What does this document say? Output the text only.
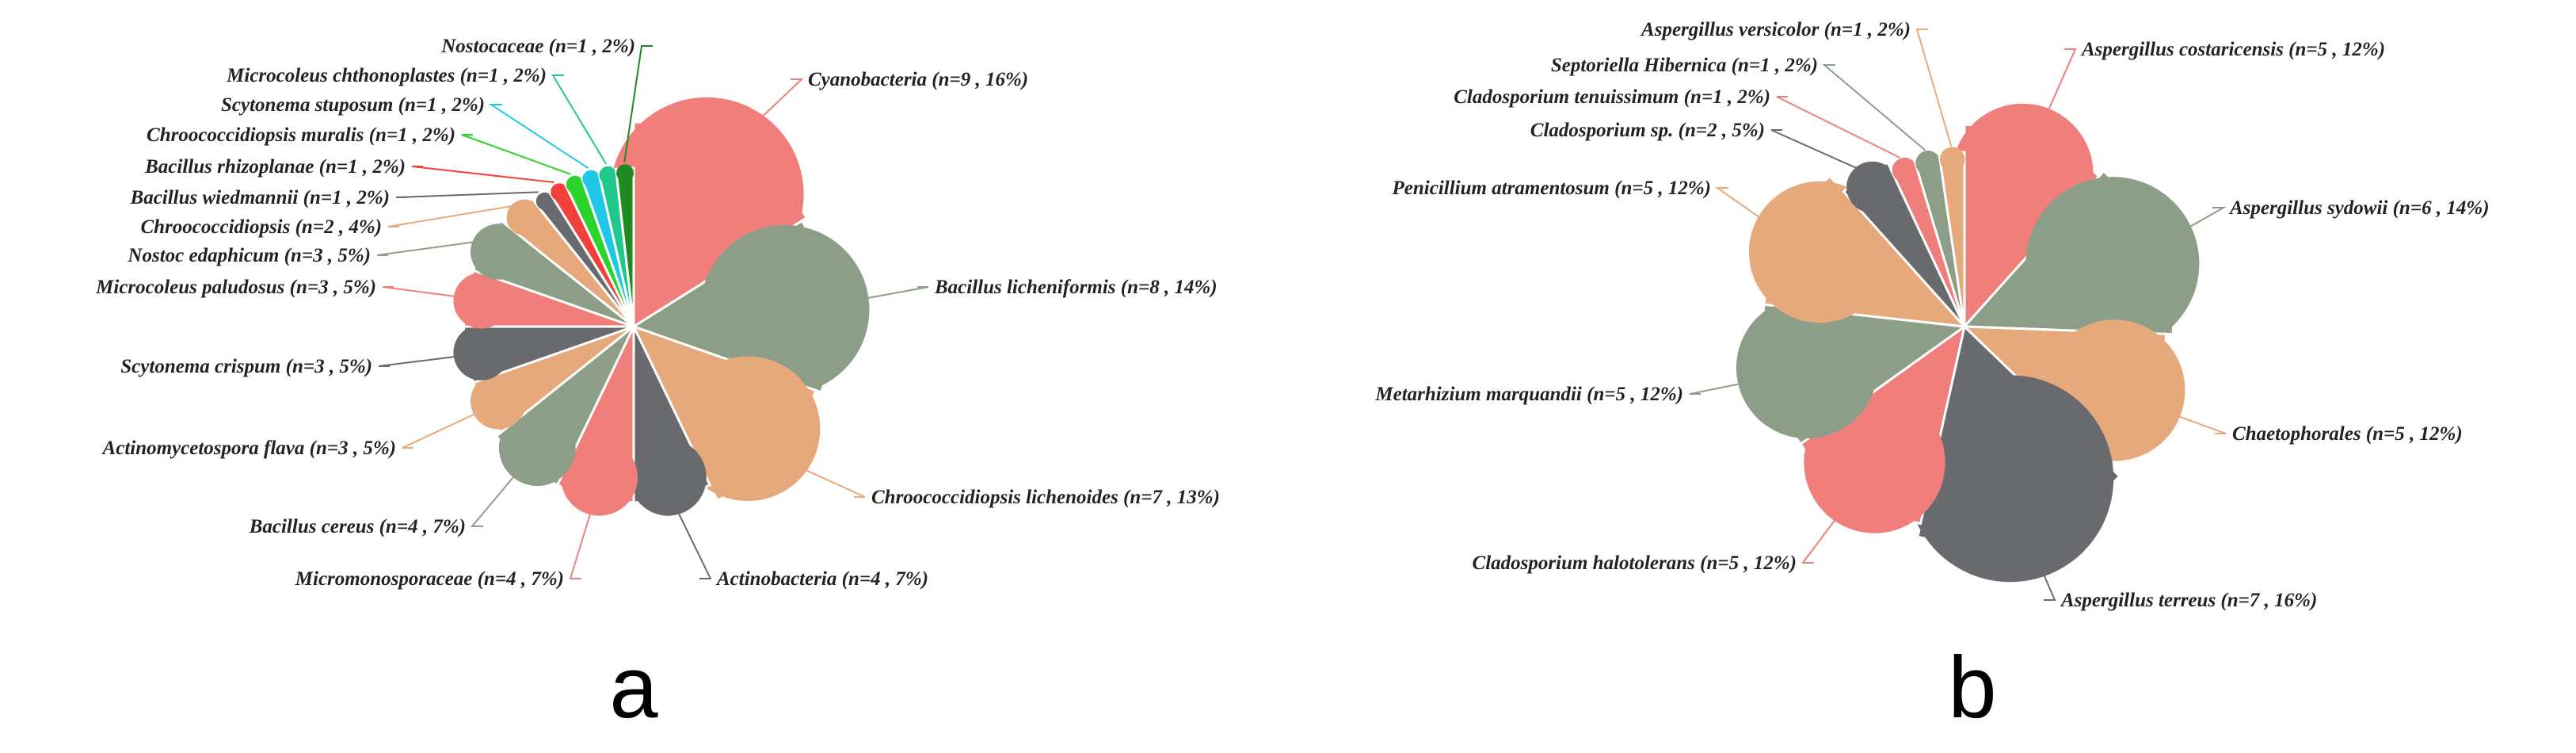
Cyanobacteria (n=9 , 16%)
Bacillus licheniformis (n=8 , 14%)
Chroococcidiopsis lichenoides (n=7 , 13%)
Actinobacteria (n=4 , 7%)
Micromonosporaceae (n=4 , 7%)
Bacillus cereus (n=4 , 7%)
Actinomycetospora flava (n=3 , 5%)
Scytonema crispum (n=3 , 5%)
Microcoleus paludosus (n=3 , 5%)
Nostoc edaphicum (n=3 , 5%)
Chroococcidiopsis (n=2 , 4%)
Bacillus wiedmannii (n=1 , 2%)
Bacillus rhizoplanae (n=1 , 2%)
Chroococcidiopsis muralis (n=1 , 2%)
Scytonema stuposum (n=1 , 2%)
Microcoleus chthonoplastes (n=1 , 2%)
Nostocaceae (n=1 , 2%)	Aspergillus costaricensis (n=5 , 12%)
Aspergillus sydowii (n=6 , 14%)
Chaetophorales (n=5 , 12%)
Aspergillus terreus (n=7 , 16%)
Cladosporium halotolerans (n=5 , 12%)
Metarhizium marquandii (n=5 , 12%)
Penicillium atramentosum (n=5 , 12%)
Cladosporium sp. (n=2 , 5%)
Cladosporium tenuissimum (n=1 , 2%)
Septoriella Hibernica (n=1 , 2%)
Aspergillus versicolor (n=1 , 2%)
a	b
